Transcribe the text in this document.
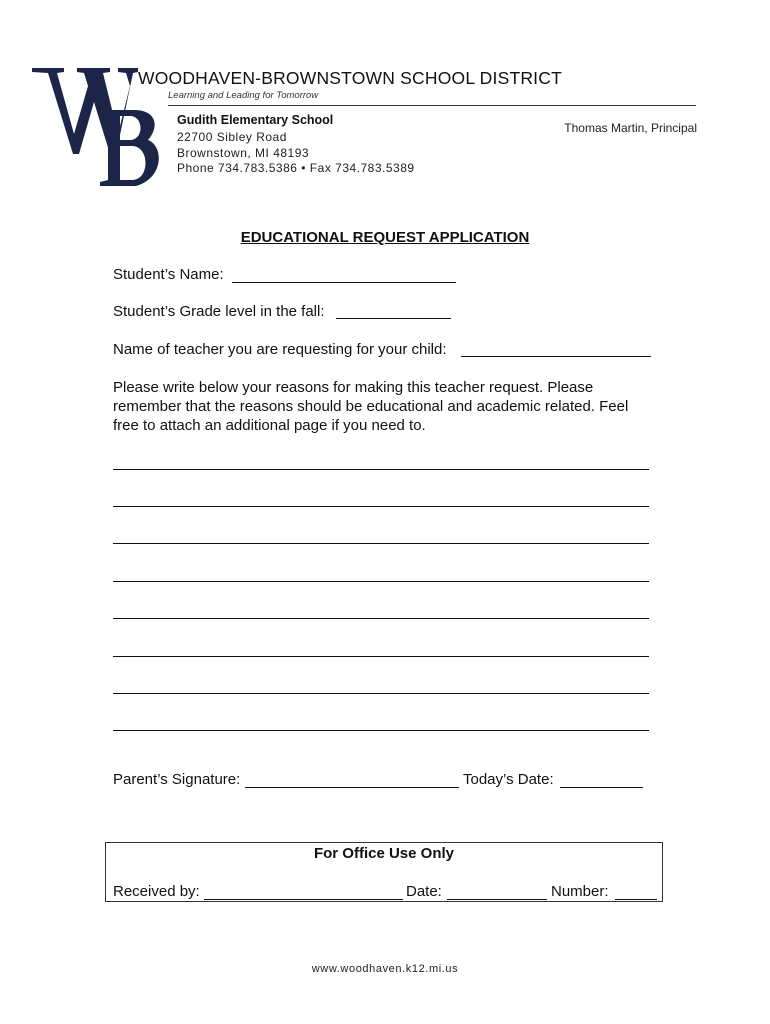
WOODHAVEN-BROWNSTOWN SCHOOL DISTRICT
Learning and Leading for Tomorrow
Gudith Elementary School
22700 Sibley Road
Brownstown, MI 48193
Phone 734.783.5386 • Fax 734.783.5389
Thomas Martin, Principal
EDUCATIONAL REQUEST APPLICATION
Student’s Name:
Student’s Grade level in the fall:
Name of teacher you are requesting for your child:
Please write below your reasons for making this teacher request. Please remember that the reasons should be educational and academic related. Feel free to attach an additional page if you need to.
Parent’s Signature:	Today’s Date:
For Office Use Only
Received by:	Date:	Number:
www.woodhaven.k12.mi.us
